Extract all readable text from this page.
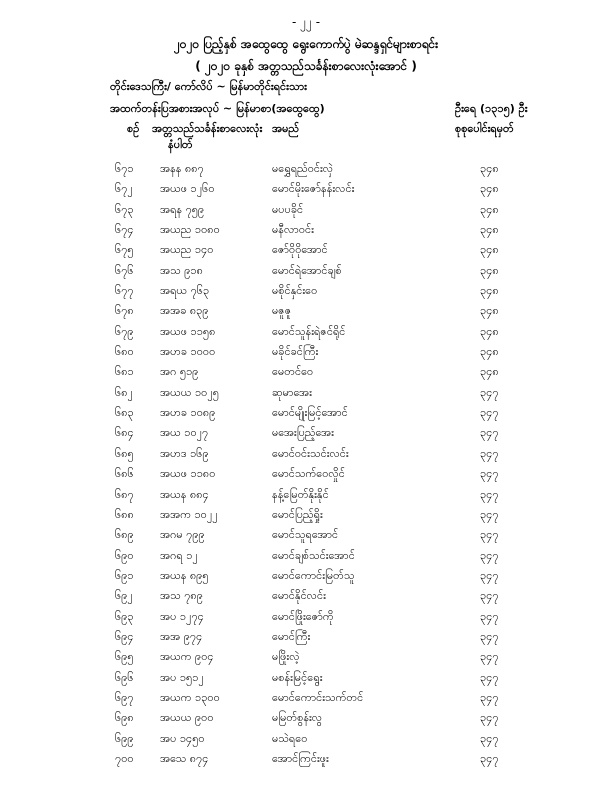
- ၂၂ -
၂၀၂၀ ပြည့်နှစ် အထွေထွေ ရွေးကောက်ပွဲ မဲဆန္ဒရှင်များစာရင်း
( ၂၀၂၀ ခုနှစ် အတ္တသည်သင်္ခန်းစာလေးလုံးအောင် )
တိုင်းဒေသကြီး/ ကော်လိပ် ~ မြန်မာတိုင်းရင်းသား
အထက်တန်းပြအစားအလုပ် ~ မြန်မာစာ(အထွေထွေ)	ဦးရေ (၁၃၁၅) ဦး
စဉ် အတ္တသည်သင်္ခန်းစာလေးလုံး အမည်	စုစုပေါင်းရမှတ်
နံပါတ်
၆၇၁	အနန ၈၈၇	မရွှေရည်ဝင်းလှဲ	၃၄၈
၆၇၂	အယဖ ၁၂၆၀	မောင်မိုးဇော်နန်းလင်း	၃၄၈
၆၇၃	အရန ၇၅၉	မပပခိုင်	၃၄၈
၆၇၄	အယည ၁၀၈၀	မနီလာဝင်း	၃၄၈
၆၇၅	အယည ၁၄၀	ဇော်ဝိုဝိုအောင်	၃၄၈
၆၇၆	အသ ၉၁၈	မောင်ရဲအောင်ချစ်	၃၄၈
၆၇၇	အရယ ၇၆၃	မစိုင်နှင်းဝေ	၃၄၈
၆၇၈	အအခ ၈၃၉	မဇူဇူ	၃၄၈
၆၇၉	အယဖ ၁၁၅၈	မောင်သူန်းရဲဇင်ရိုင်	၃၄၈
၆၈၀	အဟခ ၁၀၀၀	မခိုင်ခင်ကြီး	၃၄၈
၆၈၁	အဂ ၅၁၉	မေတင်ဝေ	၃၄၈
၆၈၂	အယယ ၁၀၂၅	ဆုမာအေး	၃၄၇
၆၈၃	အဟခ ၁၀၈၉	မောင်မျိုးမြင့်အောင်	၃၄၇
၆၈၄	အယ ၁၀၂၇	မအေးပြည့်အေး	၃၄၇
၆၈၅	အဟဒ ၁၆၉	မောင်ဝင်းသင်းလင်း	၃၄၇
၆၈၆	အယဖ ၁၁၈၀	မောင်သက်ဝေလှိုင်	၃၄၇
၆၈၇	အယန ၈၈၄	နန့်မြေတ်နိုးနိုင်	၃၄၇
၆၈၈	အအက ၁၀၂၂	မောင်ပြည့်ရှိုး	၃၄၇
၆၈၉	အဂမ ၇၉၉	မောင်သူရအောင်	၃၄၇
၆၉၀	အဂရ ၁၂	မောင်ချစ်သင်းအောင်	၃၄၇
၆၉၁	အယန ၈၉၅	မောင်ကောင်းမြတ်သူ	၃၄၇
၆၉၂	အသ ၇၈၉	မောင်နိုင်လင်း	၃၄၇
၆၉၃	အပ ၁၂၇၄	မောင်ဖြိုးဇော်ကို	၃၄၇
၆၉၄	အအ ၉၇၄	မောင်ကြီး	၃၄၇
၆၉၅	အယက ၉၀၄	မဖြိုးလဲ့	၃၄၇
၆၉၆	အပ ၁၅၁၂	မစန်းမြင့်ရွေး	၃၄၇
၆၉၇	အယက ၁၃၀၀	မောင်ကောင်းသက်တင်	၃၄၇
၆၉၈	အယယ ၉၀၀	မမြတ်စွန်းလွ	၃၄၇
၆၉၉	အပ ၁၄၅၀	မသဲရဝေ	၃၄၇
၇၀၀	အသေ ၈၇၄	အောင်ကြင်းဖူး	၃၄၇
